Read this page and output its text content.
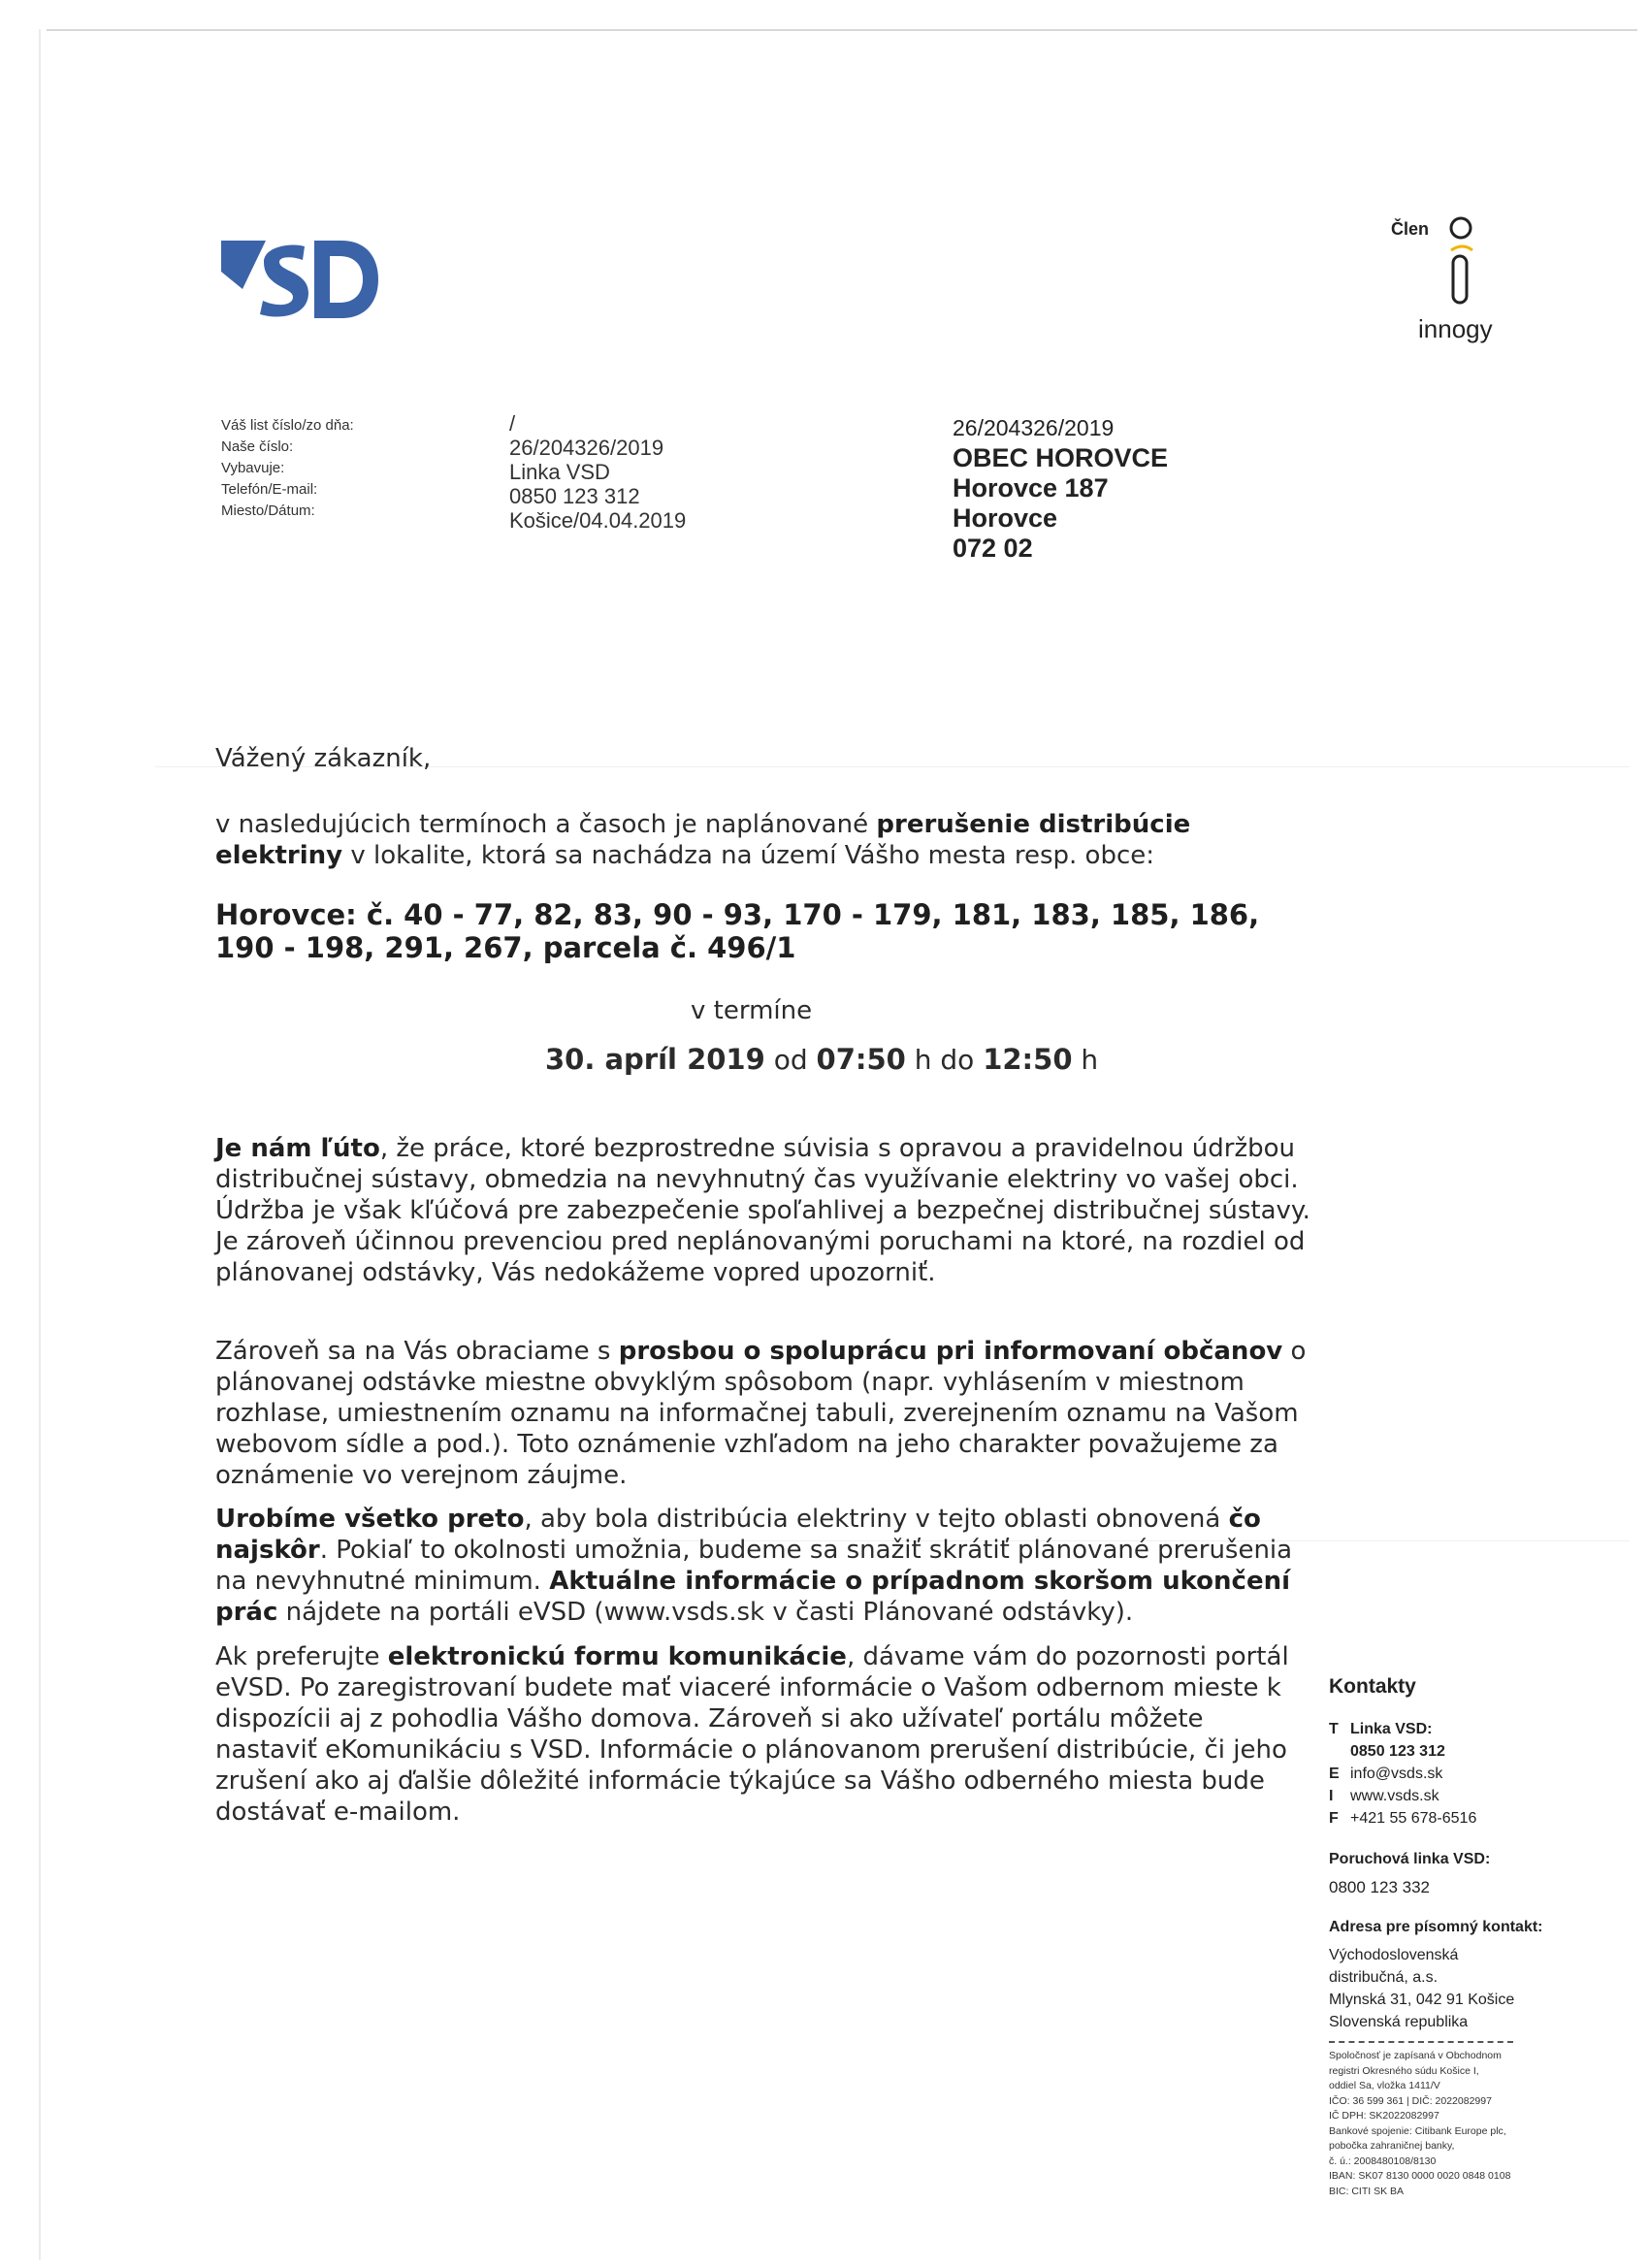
Člen
innogy
Váš list číslo/zo dňa:
Naše číslo:
Vybavuje:
Telefón/E-mail:
Miesto/Dátum:
/
26/204326/2019
Linka VSD
0850 123 312
Košice/04.04.2019
26/204326/2019
OBEC HOROVCE
Horovce 187
Horovce
072 02
Vážený zákazník,

v nasledujúcich termínoch a časoch je naplánované prerušenie distribúcie elektriny v lokalite, ktorá sa nachádza na území Vášho mesta resp. obce:

Horovce: č. 40 - 77, 82, 83, 90 - 93, 170 - 179, 181, 183, 185, 186, 190 - 198, 291, 267, parcela č. 496/1
v termíne
30. apríl 2019 od 07:50 h do 12:50 h

Je nám ľúto, že práce, ktoré bezprostredne súvisia s opravou a pravidelnou údržbou distribučnej sústavy, obmedzia na nevyhnutný čas využívanie elektriny vo vašej obci. Údržba je však kľúčová pre zabezpečenie spoľahlivej a bezpečnej distribučnej sústavy. Je zároveň účinnou prevenciou pred neplánovanými poruchami na ktoré, na rozdiel od plánovanej odstávky, Vás nedokážeme vopred upozorniť.

Zároveň sa na Vás obraciame s prosbou o spoluprácu pri informovaní občanov o plánovanej odstávke miestne obvyklým spôsobom (napr. vyhlásením v miestnom rozhlase, umiestnením oznamu na informačnej tabuli, zverejnením oznamu na Vašom webovom sídle a pod.). Toto oznámenie vzhľadom na jeho charakter považujeme za oznámenie vo verejnom záujme.

Urobíme všetko preto, aby bola distribúcia elektriny v tejto oblasti obnovená čo najskôr. Pokiaľ to okolnosti umožnia, budeme sa snažiť skrátiť plánované prerušenia na nevyhnutné minimum. Aktuálne informácie o prípadnom skoršom ukončení prác nájdete na portáli eVSD (www.vsds.sk v časti Plánované odstávky).

Ak preferujte elektronickú formu komunikácie, dávame vám do pozornosti portál eVSD. Po zaregistrovaní budete mať viaceré informácie o Vašom odbernom mieste k dispozícii aj z pohodlia Vášho domova. Zároveň si ako užívateľ portálu môžete nastaviť eKomunikáciu s VSD. Informácie o plánovanom prerušení distribúcie, či jeho zrušení ako aj ďalšie dôležité informácie týkajúce sa Vášho odberného miesta bude dostávať e-mailom.

Kontakty
T Linka VSD:
0850 123 312
E info@vsds.sk
I www.vsds.sk
F +421 55 678-6516
Poruchová linka VSD:
0800 123 332
Adresa pre písomný kontakt:
Východoslovenská
distribučná, a.s.
Mlynská 31, 042 91 Košice
Slovenská republika
Spoločnosť je zapísaná v Obchodnom
registri Okresného súdu Košice I,
oddiel Sa, vložka 1411/V
IČO: 36 599 361 | DIČ: 2022082997
IČ DPH: SK2022082997
Bankové spojenie: Citibank Europe plc,
pobočka zahraničnej banky,
č. ú.: 2008480108/8130
IBAN: SK07 8130 0000 0020 0848 0108
BIC: CITI SK BA
